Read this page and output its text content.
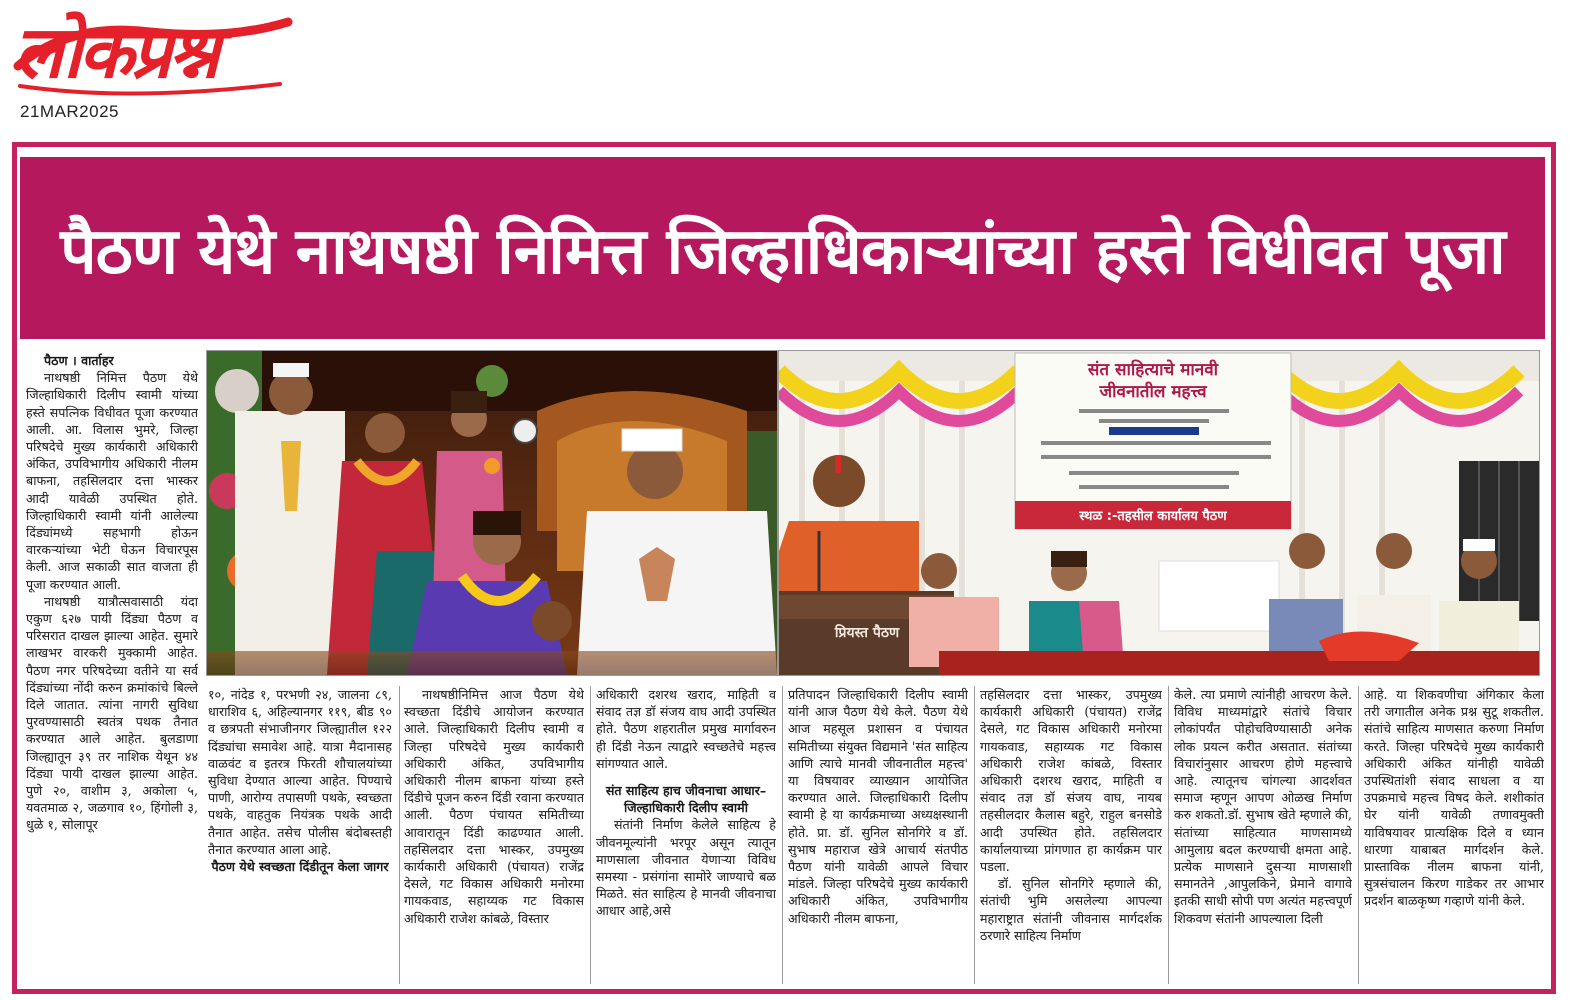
लोकप्रश्न
21MAR2025
पैठण येथे नाथषष्ठी निमित्त जिल्हाधिकाऱ्यांच्या हस्ते विधीवत पूजा
संत साहित्याचे मानवी
जीवनातील महत्त्व
स्थळ :-तहसील कार्यालय पैठण
प्रियस्त पैठण
पैठण । वार्ताहर

नाथषष्ठी निमित्त पैठण येथे जिल्हाधिकारी दिलीप स्वामी यांच्या हस्ते सपत्निक विधीवत पूजा करण्यात आली. आ. विलास भुमरे, जिल्हा परिषदेचे मुख्य कार्यकारी अधिकारी अंकित, उपविभागीय अधिकारी नीलम बाफना, तहसिलदार दत्ता भास्कर आदी यावेळी उपस्थित होते. जिल्हाधिकारी स्वामी यांनी आलेल्या दिंड्यांमध्ये सहभागी होऊन वारकऱ्यांच्या भेटी घेऊन विचारपूस केली. आज सकाळी सात वाजता ही पूजा करण्यात आली.

नाथषष्ठी यात्रौत्सवासाठी यंदा एकुण ६२७ पायी दिंड्या पैठण व परिसरात दाखल झाल्या आहेत. सुमारे लाखभर वारकरी मुक्कामी आहेत. पैठण नगर परिषदेच्या वतीने या सर्व दिंड्यांच्या नोंदी करुन क्रमांकांचे बिल्ले दिले जातात. त्यांना नागरी सुविधा पुरवण्यासाठी स्वतंत्र पथक तैनात करण्यात आले आहेत. बुलडाणा जिल्ह्यातून ३९ तर नाशिक येथून ४४ दिंड्या पायी दाखल झाल्या आहेत. पुणे २०, वाशीम ३, अकोला ५, यवतमाळ २, जळगाव १०, हिंगोली ३, धुळे १, सोलापूर

१०, नांदेड १, परभणी २४, जालना ८९, धाराशिव ६, अहिल्यानगर ११९, बीड ९० व छत्रपती संभाजीनगर जिल्ह्यातील १२२ दिंड्यांचा समावेश आहे. यात्रा मैदानासह वाळवंट व इतरत्र फिरती शौचालयांच्या सुविधा देण्यात आल्या आहेत. पिण्याचे पाणी, आरोग्य तपासणी पथके, स्वच्छता पथके, वाहतुक नियंत्रक पथके आदी तैनात आहेत. तसेच पोलीस बंदोबस्तही तैनात करण्यात आला आहे.

पैठण येथे स्वच्छता दिंडीतून केला जागर

नाथषष्ठीनिमित्त आज पैठण येथे स्वच्छता दिंडीचे आयोजन करण्यात आले. जिल्हाधिकारी दिलीप स्वामी व जिल्हा परिषदेचे मुख्य कार्यकारी अधिकारी अंकित, उपविभागीय अधिकारी नीलम बाफना यांच्या हस्ते दिंडीचे पूजन करुन दिंडी रवाना करण्यात आली. पैठण पंचायत समितीच्या आवारातून दिंडी काढण्यात आली. तहसिलदार दत्ता भास्कर, उपमुख्य कार्यकारी अधिकारी (पंचायत) राजेंद्र देसले, गट विकास अधिकारी मनोरमा गायकवाड, सहाय्यक गट विकास अधिकारी राजेश कांबळे, विस्तार

अधिकारी दशरथ खराद, माहिती व संवाद तज्ञ डॉ संजय वाघ आदी उपस्थित होते. पैठण शहरातील प्रमुख मार्गावरुन ही दिंडी नेऊन त्याद्वारे स्वच्छतेचे महत्त्व सांगण्यात आले.

संत साहित्य हाच जीवनाचा आधार–

जिल्हाधिकारी दिलीप स्वामी

संतांनी निर्माण केलेले साहित्य हे जीवनमूल्यांनी भरपूर असून त्यातून माणसाला जीवनात येणाऱ्या विविध समस्या - प्रसंगांना सामोरे जाण्याचे बळ मिळते. संत साहित्य हे मानवी जीवनाचा आधार आहे,असे

प्रतिपादन जिल्हाधिकारी दिलीप स्वामी यांनी आज पैठण येथे केले. पैठण येथे आज महसूल प्रशासन व पंचायत समितीच्या संयुक्त विद्यमाने 'संत साहित्य आणि त्याचे मानवी जीवनातील महत्त्व' या विषयावर व्याख्यान आयोजित करण्यात आले. जिल्हाधिकारी दिलीप स्वामी हे या कार्यक्रमाच्या अध्यक्षस्थानी होते. प्रा. डॉ. सुनिल सोनगिरे व डॉ. सुभाष महाराज खेत्रे आचार्य संतपीठ पैठण यांनी यावेळी आपले विचार मांडले. जिल्हा परिषदेचे मुख्य कार्यकारी अधिकारी अंकित, उपविभागीय अधिकारी नीलम बाफना,

तहसिलदार दत्ता भास्कर, उपमुख्य कार्यकारी अधिकारी (पंचायत) राजेंद्र देसले, गट विकास अधिकारी मनोरमा गायकवाड, सहाय्यक गट विकास अधिकारी राजेश कांबळे, विस्तार अधिकारी दशरथ खराद, माहिती व संवाद तज्ञ डॉ संजय वाघ, नायब तहसीलदार कैलास बहुरे, राहुल बनसोडे आदी उपस्थित होते. तहसिलदार कार्यालयाच्या प्रांगणात हा कार्यक्रम पार पडला.

डॉ. सुनिल सोनगिरे म्हणाले की, संतांची भुमि असलेल्या आपल्या महाराष्ट्रात संतांनी जीवनास मार्गदर्शक ठरणारे साहित्य निर्माण

केले. त्या प्रमाणे त्यांनीही आचरण केले. विविध माध्यमांद्वारे संतांचे विचार लोकांपर्यंत पोहोचविण्यासाठी अनेक लोक प्रयत्न करीत असतात. संतांच्या विचारांनुसार आचरण होणे महत्त्वाचे आहे. त्यातूनच चांगल्या आदर्शवत समाज म्हणून आपण ओळख निर्माण करु शकतो.डॉ. सुभाष खेते म्हणाले की, संतांच्या साहित्यात माणसामध्ये आमुलाग्र बदल करण्याची क्षमता आहे. प्रत्येक माणसाने दुसऱ्या माणसाशी समानतेने ,आपुलकिने, प्रेमाने वागावे इतकी साधी सोपी पण अत्यंत महत्त्वपूर्ण शिकवण संतांनी आपल्याला दिली

आहे. या शिकवणीचा अंगिकार केला तरी जगातील अनेक प्रश्न सुटू शकतील. संतांचे साहित्य माणसात करुणा निर्माण करते. जिल्हा परिषदेचे मुख्य कार्यकारी अधिकारी अंकित यांनीही यावेळी उपस्थितांशी संवाद साधला व या उपक्रमाचे महत्त्व विषद केले. शशीकांत घेर यांनी यावेळी तणावमुक्ती याविषयावर प्रात्यक्षिक दिले व ध्यान धारणा याबाबत मार्गदर्शन केले. प्रास्ताविक नीलम बाफना यांनी, सुत्रसंचालन किरण गाडेकर तर आभार प्रदर्शन बाळकृष्ण गव्हाणे यांनी केले.
